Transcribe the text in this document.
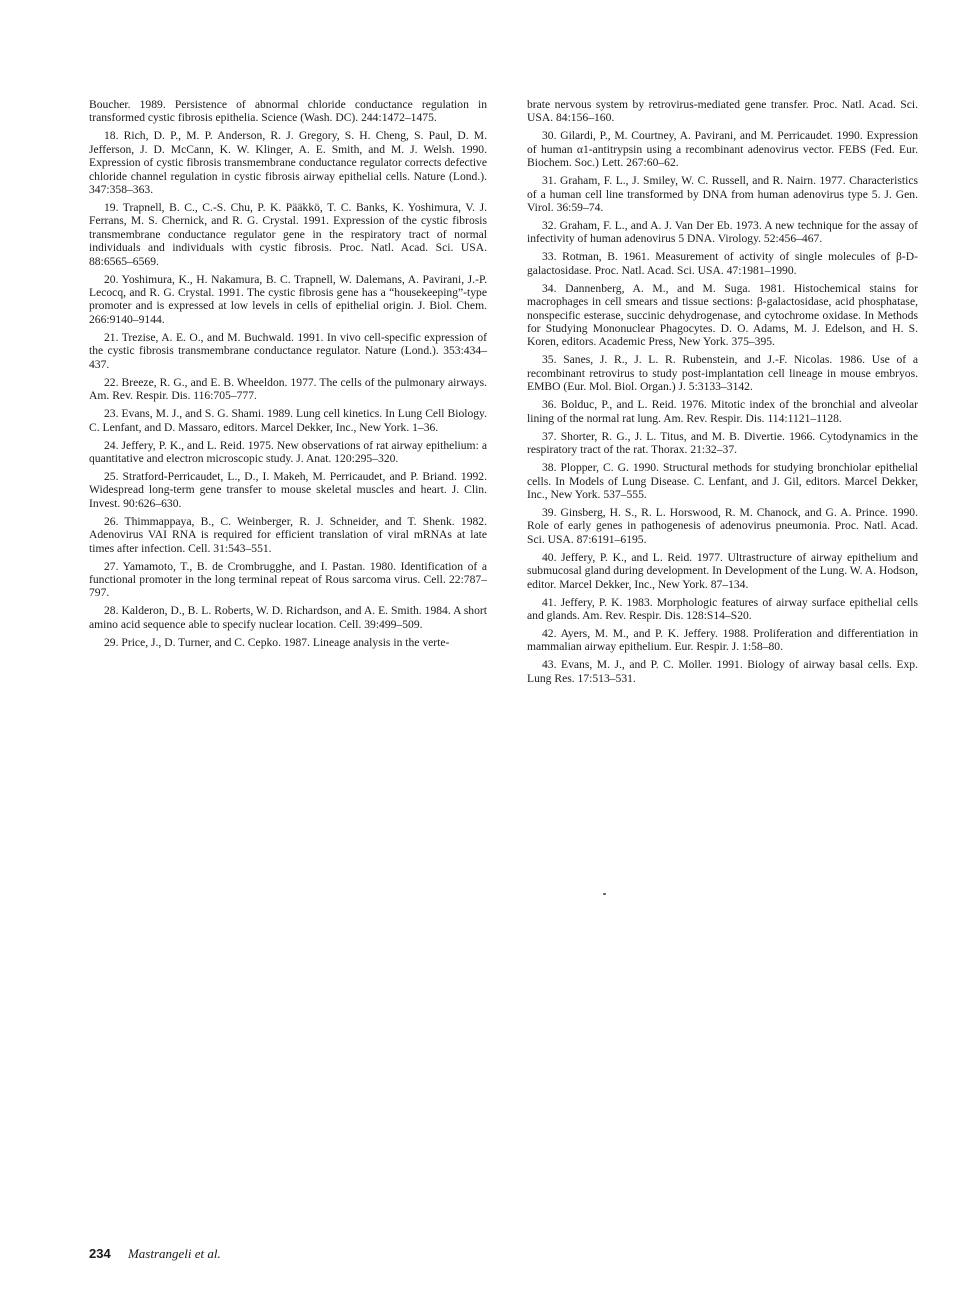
Boucher. 1989. Persistence of abnormal chloride conductance regulation in transformed cystic fibrosis epithelia. Science (Wash. DC). 244:1472–1475.

18. Rich, D. P., M. P. Anderson, R. J. Gregory, S. H. Cheng, S. Paul, D. M. Jefferson, J. D. McCann, K. W. Klinger, A. E. Smith, and M. J. Welsh. 1990. Expression of cystic fibrosis transmembrane conductance regulator corrects defective chloride channel regulation in cystic fibrosis airway epithelial cells. Nature (Lond.). 347:358–363.

19. Trapnell, B. C., C.-S. Chu, P. K. Pääkkö, T. C. Banks, K. Yoshimura, V. J. Ferrans, M. S. Chernick, and R. G. Crystal. 1991. Expression of the cystic fibrosis transmembrane conductance regulator gene in the respiratory tract of normal individuals and individuals with cystic fibrosis. Proc. Natl. Acad. Sci. USA. 88:6565–6569.

20. Yoshimura, K., H. Nakamura, B. C. Trapnell, W. Dalemans, A. Pavirani, J.-P. Lecocq, and R. G. Crystal. 1991. The cystic fibrosis gene has a “housekeeping”-type promoter and is expressed at low levels in cells of epithelial origin. J. Biol. Chem. 266:9140–9144.

21. Trezise, A. E. O., and M. Buchwald. 1991. In vivo cell-specific expression of the cystic fibrosis transmembrane conductance regulator. Nature (Lond.). 353:434–437.

22. Breeze, R. G., and E. B. Wheeldon. 1977. The cells of the pulmonary airways. Am. Rev. Respir. Dis. 116:705–777.

23. Evans, M. J., and S. G. Shami. 1989. Lung cell kinetics. In Lung Cell Biology. C. Lenfant, and D. Massaro, editors. Marcel Dekker, Inc., New York. 1–36.

24. Jeffery, P. K., and L. Reid. 1975. New observations of rat airway epithelium: a quantitative and electron microscopic study. J. Anat. 120:295–320.

25. Stratford-Perricaudet, L., D., I. Makeh, M. Perricaudet, and P. Briand. 1992. Widespread long-term gene transfer to mouse skeletal muscles and heart. J. Clin. Invest. 90:626–630.

26. Thimmappaya, B., C. Weinberger, R. J. Schneider, and T. Shenk. 1982. Adenovirus VAI RNA is required for efficient translation of viral mRNAs at late times after infection. Cell. 31:543–551.

27. Yamamoto, T., B. de Crombrugghe, and I. Pastan. 1980. Identification of a functional promoter in the long terminal repeat of Rous sarcoma virus. Cell. 22:787–797.

28. Kalderon, D., B. L. Roberts, W. D. Richardson, and A. E. Smith. 1984. A short amino acid sequence able to specify nuclear location. Cell. 39:499–509.

29. Price, J., D. Turner, and C. Cepko. 1987. Lineage analysis in the verte-

brate nervous system by retrovirus-mediated gene transfer. Proc. Natl. Acad. Sci. USA. 84:156–160.

30. Gilardi, P., M. Courtney, A. Pavirani, and M. Perricaudet. 1990. Expression of human α1-antitrypsin using a recombinant adenovirus vector. FEBS (Fed. Eur. Biochem. Soc.) Lett. 267:60–62.

31. Graham, F. L., J. Smiley, W. C. Russell, and R. Nairn. 1977. Characteristics of a human cell line transformed by DNA from human adenovirus type 5. J. Gen. Virol. 36:59–74.

32. Graham, F. L., and A. J. Van Der Eb. 1973. A new technique for the assay of infectivity of human adenovirus 5 DNA. Virology. 52:456–467.

33. Rotman, B. 1961. Measurement of activity of single molecules of β-D-galactosidase. Proc. Natl. Acad. Sci. USA. 47:1981–1990.

34. Dannenberg, A. M., and M. Suga. 1981. Histochemical stains for macrophages in cell smears and tissue sections: β-galactosidase, acid phosphatase, nonspecific esterase, succinic dehydrogenase, and cytochrome oxidase. In Methods for Studying Mononuclear Phagocytes. D. O. Adams, M. J. Edelson, and H. S. Koren, editors. Academic Press, New York. 375–395.

35. Sanes, J. R., J. L. R. Rubenstein, and J.-F. Nicolas. 1986. Use of a recombinant retrovirus to study post-implantation cell lineage in mouse embryos. EMBO (Eur. Mol. Biol. Organ.) J. 5:3133–3142.

36. Bolduc, P., and L. Reid. 1976. Mitotic index of the bronchial and alveolar lining of the normal rat lung. Am. Rev. Respir. Dis. 114:1121–1128.

37. Shorter, R. G., J. L. Titus, and M. B. Divertie. 1966. Cytodynamics in the respiratory tract of the rat. Thorax. 21:32–37.

38. Plopper, C. G. 1990. Structural methods for studying bronchiolar epithelial cells. In Models of Lung Disease. C. Lenfant, and J. Gil, editors. Marcel Dekker, Inc., New York. 537–555.

39. Ginsberg, H. S., R. L. Horswood, R. M. Chanock, and G. A. Prince. 1990. Role of early genes in pathogenesis of adenovirus pneumonia. Proc. Natl. Acad. Sci. USA. 87:6191–6195.

40. Jeffery, P. K., and L. Reid. 1977. Ultrastructure of airway epithelium and submucosal gland during development. In Development of the Lung. W. A. Hodson, editor. Marcel Dekker, Inc., New York. 87–134.

41. Jeffery, P. K. 1983. Morphologic features of airway surface epithelial cells and glands. Am. Rev. Respir. Dis. 128:S14–S20.

42. Ayers, M. M., and P. K. Jeffery. 1988. Proliferation and differentiation in mammalian airway epithelium. Eur. Respir. J. 1:58–80.

43. Evans, M. J., and P. C. Moller. 1991. Biology of airway basal cells. Exp. Lung Res. 17:513–531.

234 Mastrangeli et al.
